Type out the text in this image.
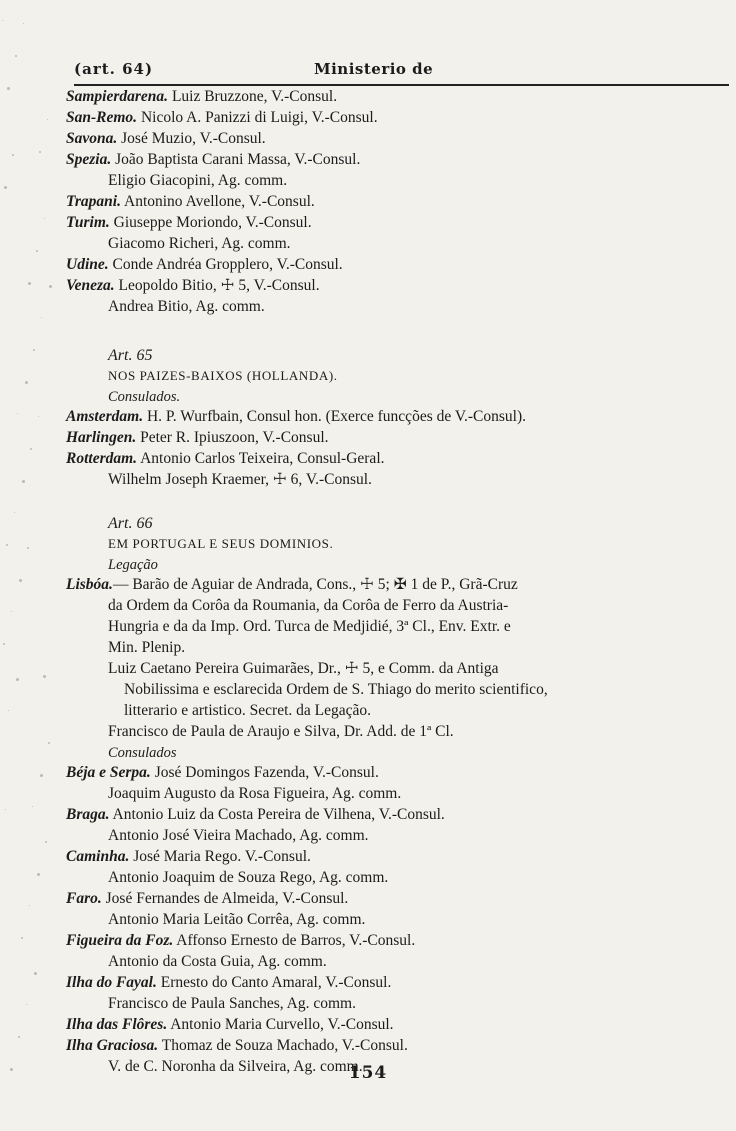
(art. 64)	Ministerio de
Sampierdarena. Luiz Bruzzone, V.-Consul.
San-Remo. Nicolo A. Panizzi di Luigi, V.-Consul.
Savona. José Muzio, V.-Consul.
Spezia. João Baptista Carani Massa, V.-Consul.
Eligio Giacopini, Ag. comm.
Trapani. Antonino Avellone, V.-Consul.
Turim. Giuseppe Moriondo, V.-Consul.
Giacomo Richeri, Ag. comm.
Udine. Conde Andréa Gropplero, V.-Consul.
Veneza. Leopoldo Bitio, ☩ 5, V.-Consul.
Andrea Bitio, Ag. comm.
Art. 65
NOS PAIZES-BAIXOS (HOLLANDA).
Consulados.
Amsterdam. H. P. Wurfbain, Consul hon. (Exerce funcções de V.-Consul).
Harlingen. Peter R. Ipiuszoon, V.-Consul.
Rotterdam. Antonio Carlos Teixeira, Consul-Geral.
Wilhelm Joseph Kraemer, ☩ 6, V.-Consul.
Art. 66
EM PORTUGAL E SEUS DOMINIOS.
Legação
Lisbóa.— Barão de Aguiar de Andrada, Cons., ☩ 5; ✠ 1 de P., Grã-Cruz
da Ordem da Corôa da Roumania, da Corôa de Ferro da Austria-
Hungria e da da Imp. Ord. Turca de Medjidié, 3ª Cl., Env. Extr. e
Min. Plenip.
Luiz Caetano Pereira Guimarães, Dr., ☩ 5, e Comm. da Antiga
Nobilissima e esclarecida Ordem de S. Thiago do merito scientifico,
litterario e artistico. Secret. da Legação.
Francisco de Paula de Araujo e Silva, Dr. Add. de 1ª Cl.
Consulados
Béja e Serpa. José Domingos Fazenda, V.-Consul.
Joaquim Augusto da Rosa Figueira, Ag. comm.
Braga. Antonio Luiz da Costa Pereira de Vilhena, V.-Consul.
Antonio José Vieira Machado, Ag. comm.
Caminha. José Maria Rego. V.-Consul.
Antonio Joaquim de Souza Rego, Ag. comm.
Faro. José Fernandes de Almeida, V.-Consul.
Antonio Maria Leitão Corrêa, Ag. comm.
Figueira da Foz. Affonso Ernesto de Barros, V.-Consul.
Antonio da Costa Guia, Ag. comm.
Ilha do Fayal. Ernesto do Canto Amaral, V.-Consul.
Francisco de Paula Sanches, Ag. comm.
Ilha das Flôres. Antonio Maria Curvello, V.-Consul.
Ilha Graciosa. Thomaz de Souza Machado, V.-Consul.
V. de C. Noronha da Silveira, Ag. comm.
154
